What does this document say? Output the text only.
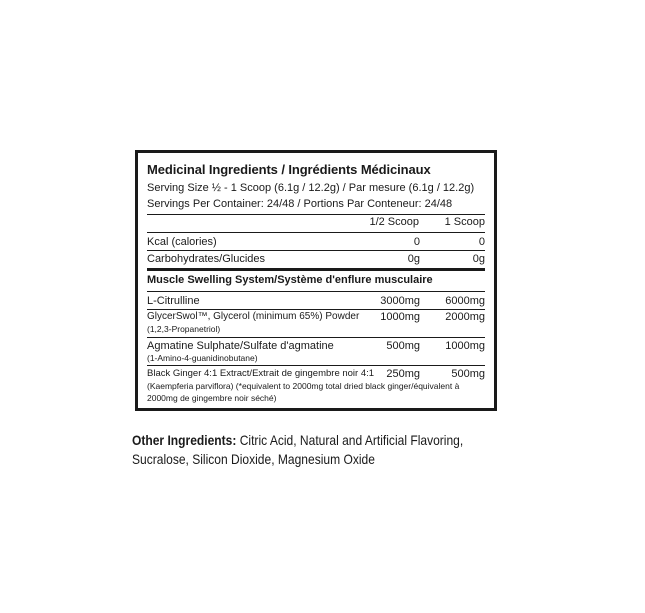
Medicinal Ingredients / Ingrédients Médicinaux
Serving Size ½ - 1 Scoop (6.1g / 12.2g) / Par mesure (6.1g / 12.2g)
Servings Per Container: 24/48 / Portions Par Conteneur: 24/48
1/2 Scoop 1 Scoop
Kcal (calories)	0	0
Carbohydrates/Glucides	0g	0g
Muscle Swelling System/Système d'enflure musculaire
L-Citrulline	3000mg 6000mg
GlycerSwol™, Glycerol (minimum 65%) Powder 1000mg 2000mg
(1,2,3-Propanetriol)
Agmatine Sulphate/Sulfate d'agmatine	500mg 1000mg
(1-Amino-4-guanidinobutane)
Black Ginger 4:1 Extract/Extrait de gingembre noir 4:1 250mg	500mg
(Kaempferia parviflora) (*equivalent to 2000mg total dried black ginger/équivalent à 2000mg de gingembre noir séché)
Other Ingredients: Citric Acid, Natural and Artificial Flavoring, Sucralose, Silicon Dioxide, Magnesium Oxide
